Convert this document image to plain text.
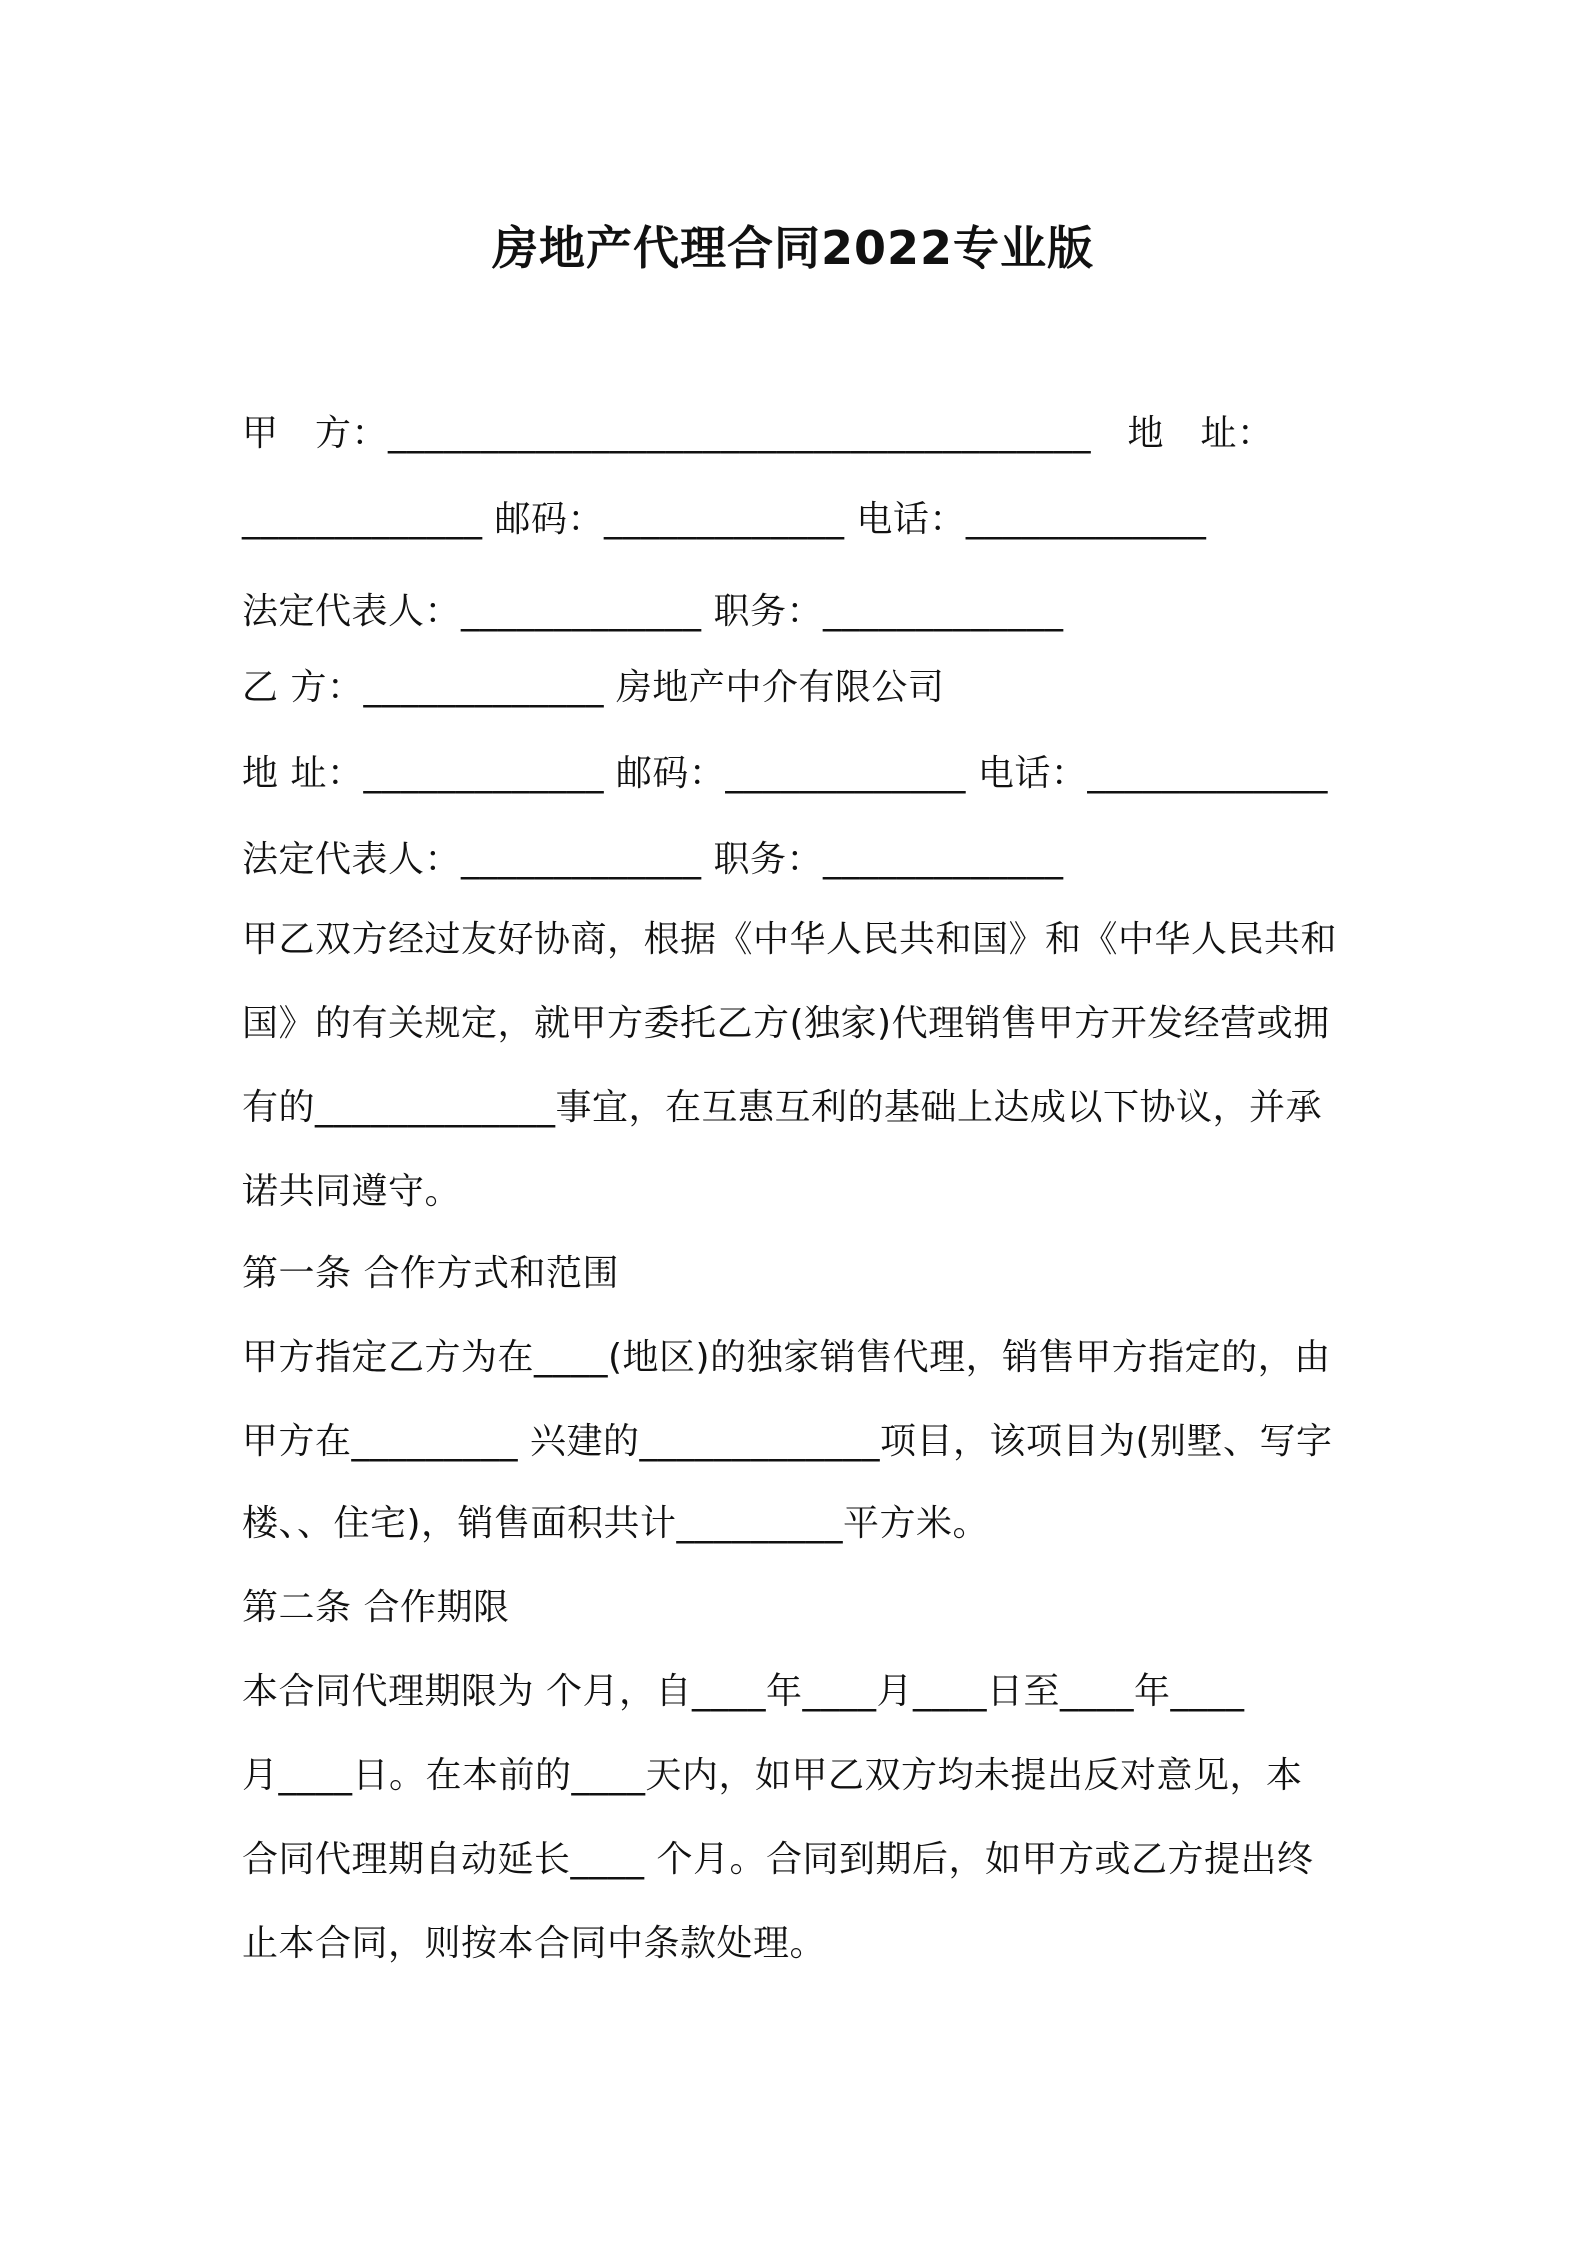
房地产代理合同2022专业版
甲　方：______________________________________　地　址：
_____________ 邮码：_____________ 电话：_____________
法定代表人：_____________ 职务：_____________
乙 方：_____________ 房地产中介有限公司
地 址：_____________ 邮码：_____________ 电话：_____________
法定代表人：_____________ 职务：_____________
甲乙双方经过友好协商，根据《中华人民共和国》和《中华人民共和
国》的有关规定，就甲方委托乙方(独家)代理销售甲方开发经营或拥
有的_____________事宜，在互惠互利的基础上达成以下协议，并承
诺共同遵守。
第一条 合作方式和范围
甲方指定乙方为在____(地区)的独家销售代理，销售甲方指定的，由
甲方在_________ 兴建的_____________项目，该项目为(别墅、写字
楼、、住宅)，销售面积共计_________平方米。
第二条 合作期限
本合同代理期限为 个月，自____年____月____日至____年____
月____日。在本前的____天内，如甲乙双方均未提出反对意见，本
合同代理期自动延长____ 个月。合同到期后，如甲方或乙方提出终
止本合同，则按本合同中条款处理。
